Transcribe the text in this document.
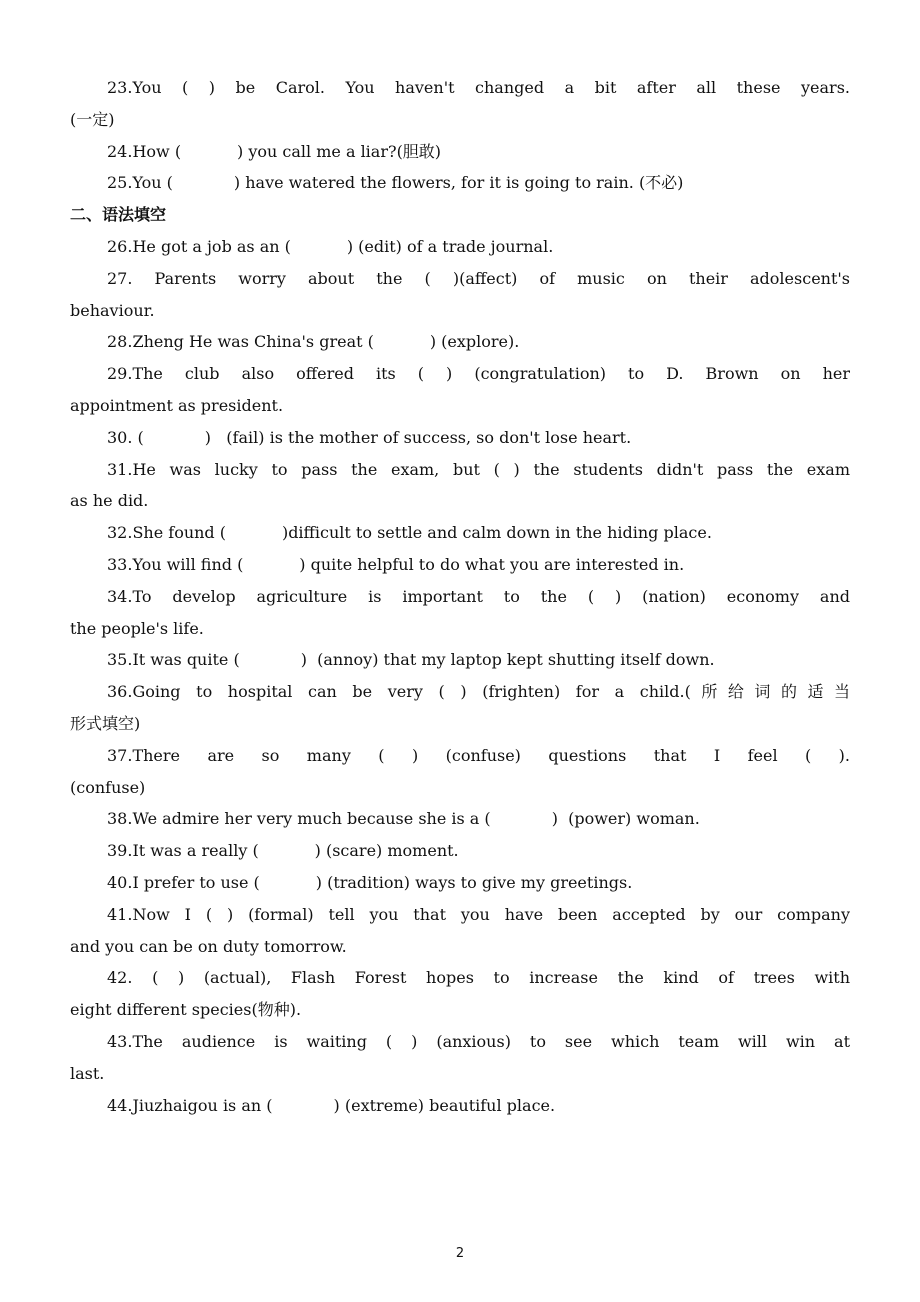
23.You ( ) be Carol. You haven't changed a bit after all these years.
(一定)
24.How (           ) you call me a liar?(胆敢)
25.You (            ) have watered the flowers, for it is going to rain. (不必)
二、语法填空
26.He got a job as an (           ) (edit) of a trade journal.
27. Parents worry about the ( )(affect) of music on their adolescent's
behaviour.
28.Zheng He was China's great (           ) (explore).
29.The club also offered its ( ) (congratulation) to D. Brown on her
appointment as president.
30. (            )   (fail) is the mother of success, so don't lose heart.
31.He was lucky to pass the exam, but ( ) the students didn't pass the exam
as he did.
32.She found (           )difficult to settle and calm down in the hiding place.
33.You will find (           ) quite helpful to do what you are interested in.
34.To develop agriculture is important to the ( ) (nation) economy and
the people's life.
35.It was quite (            )  (annoy) that my laptop kept shutting itself down.
36.Going to hospital can be very ( ) (frighten) for a child.(所给词的适当
形式填空)
37.There are so many ( ) (confuse) questions that I feel ( ).
(confuse)
38.We admire her very much because she is a (            )  (power) woman.
39.It was a really (           ) (scare) moment.
40.I prefer to use (           ) (tradition) ways to give my greetings.
41.Now I ( ) (formal) tell you that you have been accepted by our company
and you can be on duty tomorrow.
42. ( ) (actual), Flash Forest hopes to increase the kind of trees with
eight different species(物种).
43.The audience is waiting ( ) (anxious) to see which team will win at
last.
44.Jiuzhaigou is an (            ) (extreme) beautiful place.
2
